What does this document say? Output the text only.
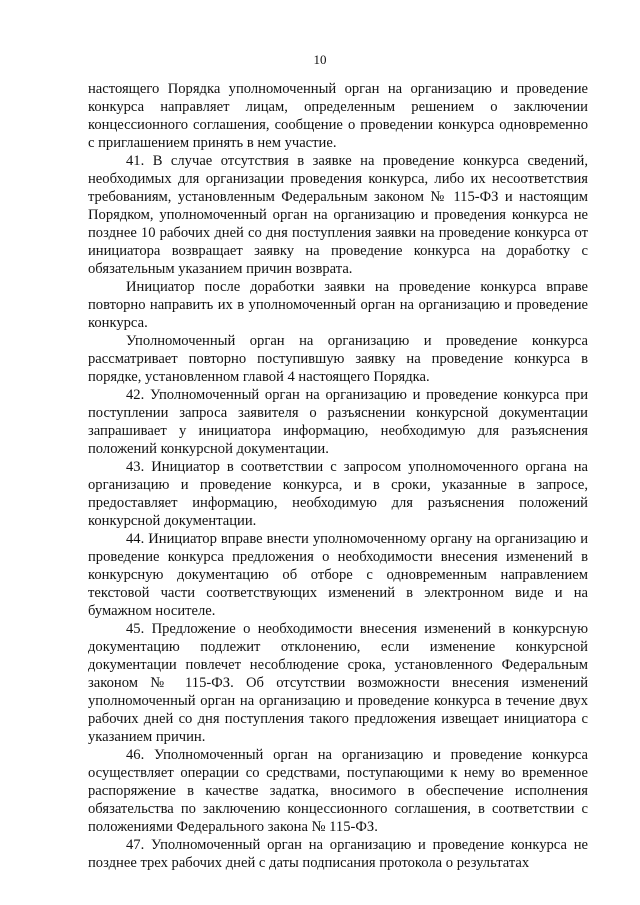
10

настоящего Порядка уполномоченный орган на организацию и проведение конкурса направляет лицам, определенным решением о заключении концессионного соглашения, сообщение о проведении конкурса одновременно с приглашением принять в нем участие.

41. В случае отсутствия в заявке на проведение конкурса сведений, необходимых для организации проведения конкурса, либо их несоответствия требованиям, установленным Федеральным законом № 115-ФЗ и настоящим Порядком, уполномоченный орган на организацию и проведения конкурса не позднее 10 рабочих дней со дня поступления заявки на проведение конкурса от инициатора возвращает заявку на проведение конкурса на доработку с обязательным указанием причин возврата.

Инициатор после доработки заявки на проведение конкурса вправе повторно направить их в уполномоченный орган на организацию и проведение конкурса.

Уполномоченный орган на организацию и проведение конкурса рассматривает повторно поступившую заявку на проведение конкурса в порядке, установленном главой 4 настоящего Порядка.

42. Уполномоченный орган на организацию и проведение конкурса при поступлении запроса заявителя о разъяснении конкурсной документации запрашивает у инициатора информацию, необходимую для разъяснения положений конкурсной документации.

43. Инициатор в соответствии с запросом уполномоченного органа на организацию и проведение конкурса, и в сроки, указанные в запросе, предоставляет информацию, необходимую для разъяснения положений конкурсной документации.

44. Инициатор вправе внести уполномоченному органу на организацию и проведение конкурса предложения о необходимости внесения изменений в конкурсную документацию об отборе с одновременным направлением текстовой части соответствующих изменений в электронном виде и на бумажном носителе.

45. Предложение о необходимости внесения изменений в конкурсную документацию подлежит отклонению, если изменение конкурсной документации повлечет несоблюдение срока, установленного Федеральным законом № 115-ФЗ. Об отсутствии возможности внесения изменений уполномоченный орган на организацию и проведение конкурса в течение двух рабочих дней со дня поступления такого предложения извещает инициатора с указанием причин.

46. Уполномоченный орган на организацию и проведение конкурса осуществляет операции со средствами, поступающими к нему во временное распоряжение в качестве задатка, вносимого в обеспечение исполнения обязательства по заключению концессионного соглашения, в соответствии с положениями Федерального закона № 115-ФЗ.

47. Уполномоченный орган на организацию и проведение конкурса не позднее трех рабочих дней с даты подписания протокола о результатах
